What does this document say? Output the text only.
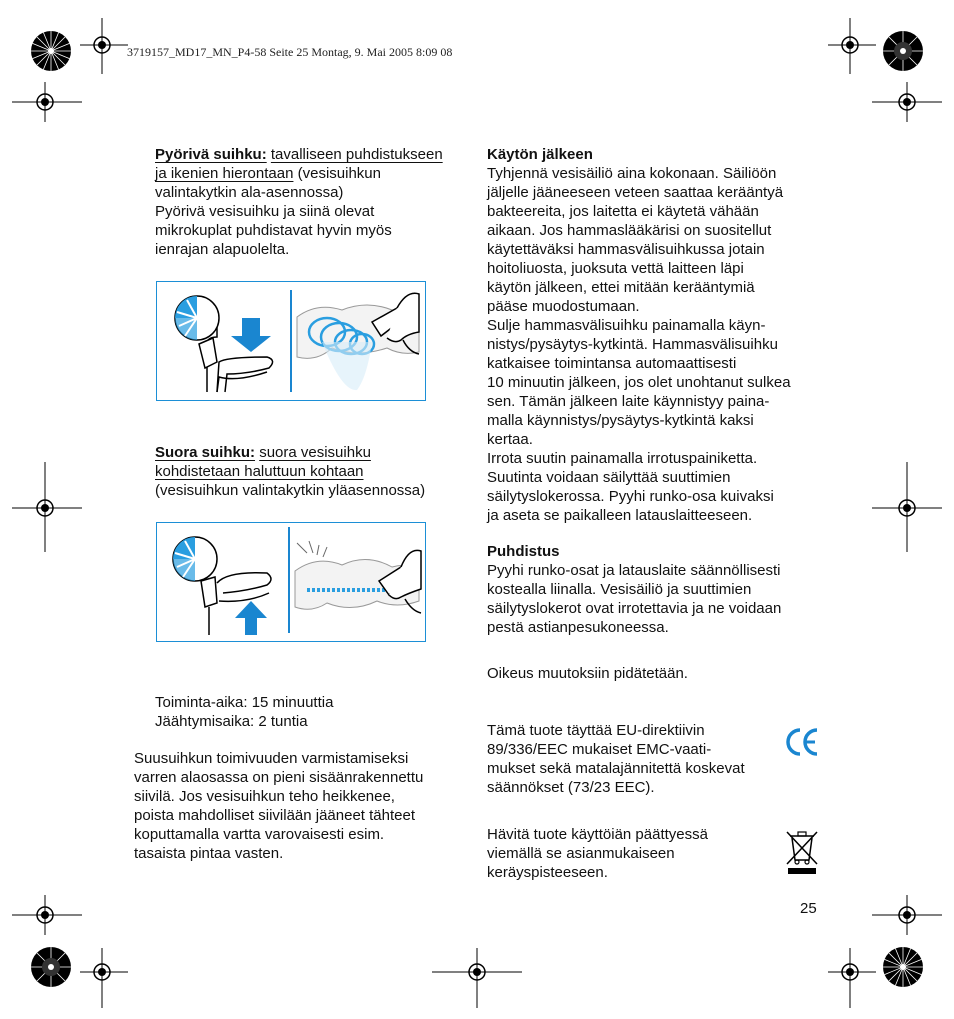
3719157_MD17_MN_P4-58 Seite 25 Montag, 9. Mai 2005 8:09 08

Pyörivä suihku: tavalliseen puhdistukseen

ja ikenien hierontaan (vesisuihkun

valintakytkin ala-asennossa)

Pyörivä vesisuihku ja siinä olevat

mikrokuplat puhdistavat hyvin myös

ienrajan alapuolelta.

Suora suihku: suora vesisuihku

kohdistetaan haluttuun kohtaan

(vesisuihkun valintakytkin yläasennossa)

Toiminta-aika: 15 minuuttia

Jäähtymisaika: 2 tuntia

Suusuihkun toimivuuden varmistamiseksi

varren alaosassa on pieni sisäänrakennettu

siivilä. Jos vesisuihkun teho heikkenee,

poista mahdolliset siivilään jääneet tähteet

koputtamalla vartta varovaisesti esim.

tasaista pintaa vasten.

Käytön jälkeen

Tyhjennä vesisäiliö aina kokonaan. Säiliöön

jäljelle jääneeseen veteen saattaa kerääntyä

bakteereita, jos laitetta ei käytetä vähään

aikaan. Jos hammaslääkärisi on suositellut

käytettäväksi hammasvälisuihkussa jotain

hoitoliuosta, juoksuta vettä laitteen läpi

käytön jälkeen, ettei mitään kerääntymiä

pääse muodostumaan.

Sulje hammasvälisuihku painamalla käyn-

nistys/pysäytys-kytkintä. Hammasvälisuihku

katkaisee toimintansa automaattisesti

10 minuutin jälkeen, jos olet unohtanut sulkea

sen. Tämän jälkeen laite käynnistyy paina-

malla käynnistys/pysäytys-kytkintä kaksi

kertaa.

Irrota suutin painamalla irrotuspainiketta.

Suutinta voidaan säilyttää suuttimien

säilytyslokerossa. Pyyhi runko-osa kuivaksi

ja aseta se paikalleen latauslaitteeseen.

Puhdistus

Pyyhi runko-osat ja latauslaite säännöllisesti

kostealla liinalla. Vesisäiliö ja suuttimien

säilytyslokerot ovat irrotettavia ja ne voidaan

pestä astianpesukoneessa.

Oikeus muutoksiin pidätetään.

Tämä tuote täyttää EU-direktiivin

89/336/EEC mukaiset EMC-vaati-

mukset sekä matalajännitettä koskevat

säännökset (73/23 EEC).

Hävitä tuote käyttöiän päättyessä

viemällä se asianmukaiseen

keräyspisteeseen.

25
